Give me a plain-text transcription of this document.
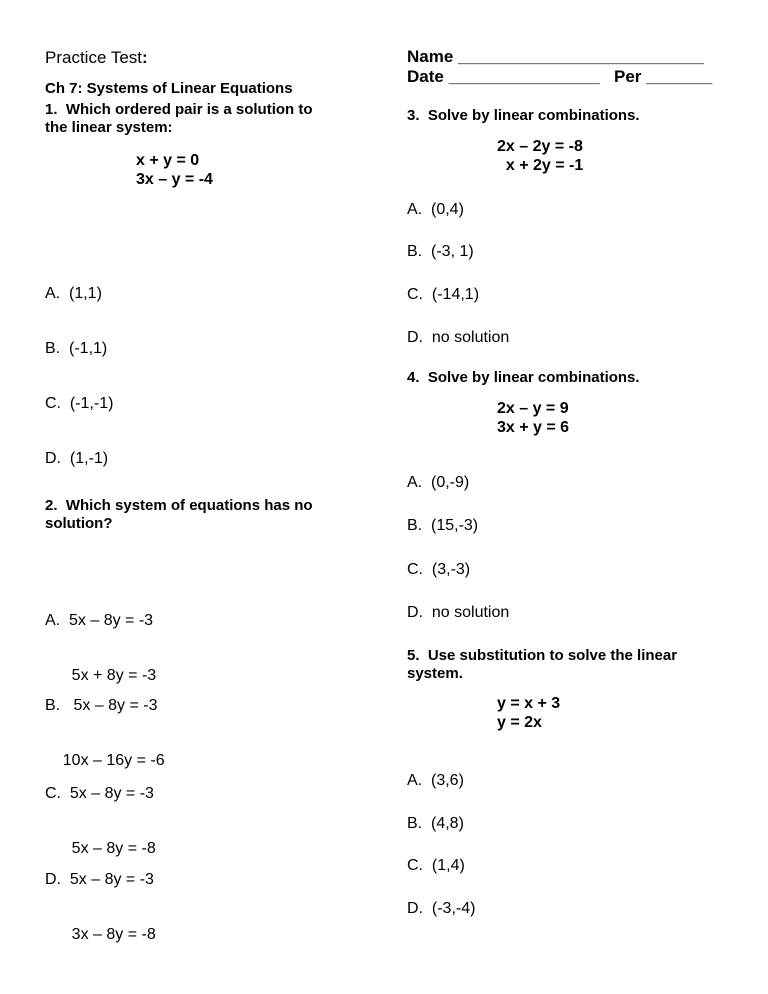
Practice Test:
Ch 7: Systems of Linear Equations
1.  Which ordered pair is a solution to
the linear system:
x + y = 0
3x – y = -4
A.  (1,1)
B.  (-1,1)
C.  (-1,-1)
D.  (1,-1)
2.  Which system of equations has no
solution?

A.  5x – 8y = -3

5x + 8y = -3

B.   5x – 8y = -3

10x – 16y = -6

C.  5x – 8y = -3

5x – 8y = -8

D.  5x – 8y = -3

3x – 8y = -8

Name __________________________
Date ________________   Per _______
3.  Solve by linear combinations.
2x – 2y = -8
x + 2y = -1
A.  (0,4)
B.  (-3, 1)
C.  (-14,1)
D.  no solution
4.  Solve by linear combinations.
2x – y = 9
3x + y = 6
A.  (0,-9)
B.  (15,-3)
C.  (3,-3)
D.  no solution
5.  Use substitution to solve the linear
system.
y = x + 3
y = 2x
A.  (3,6)
B.  (4,8)
C.  (1,4)
D.  (-3,-4)
